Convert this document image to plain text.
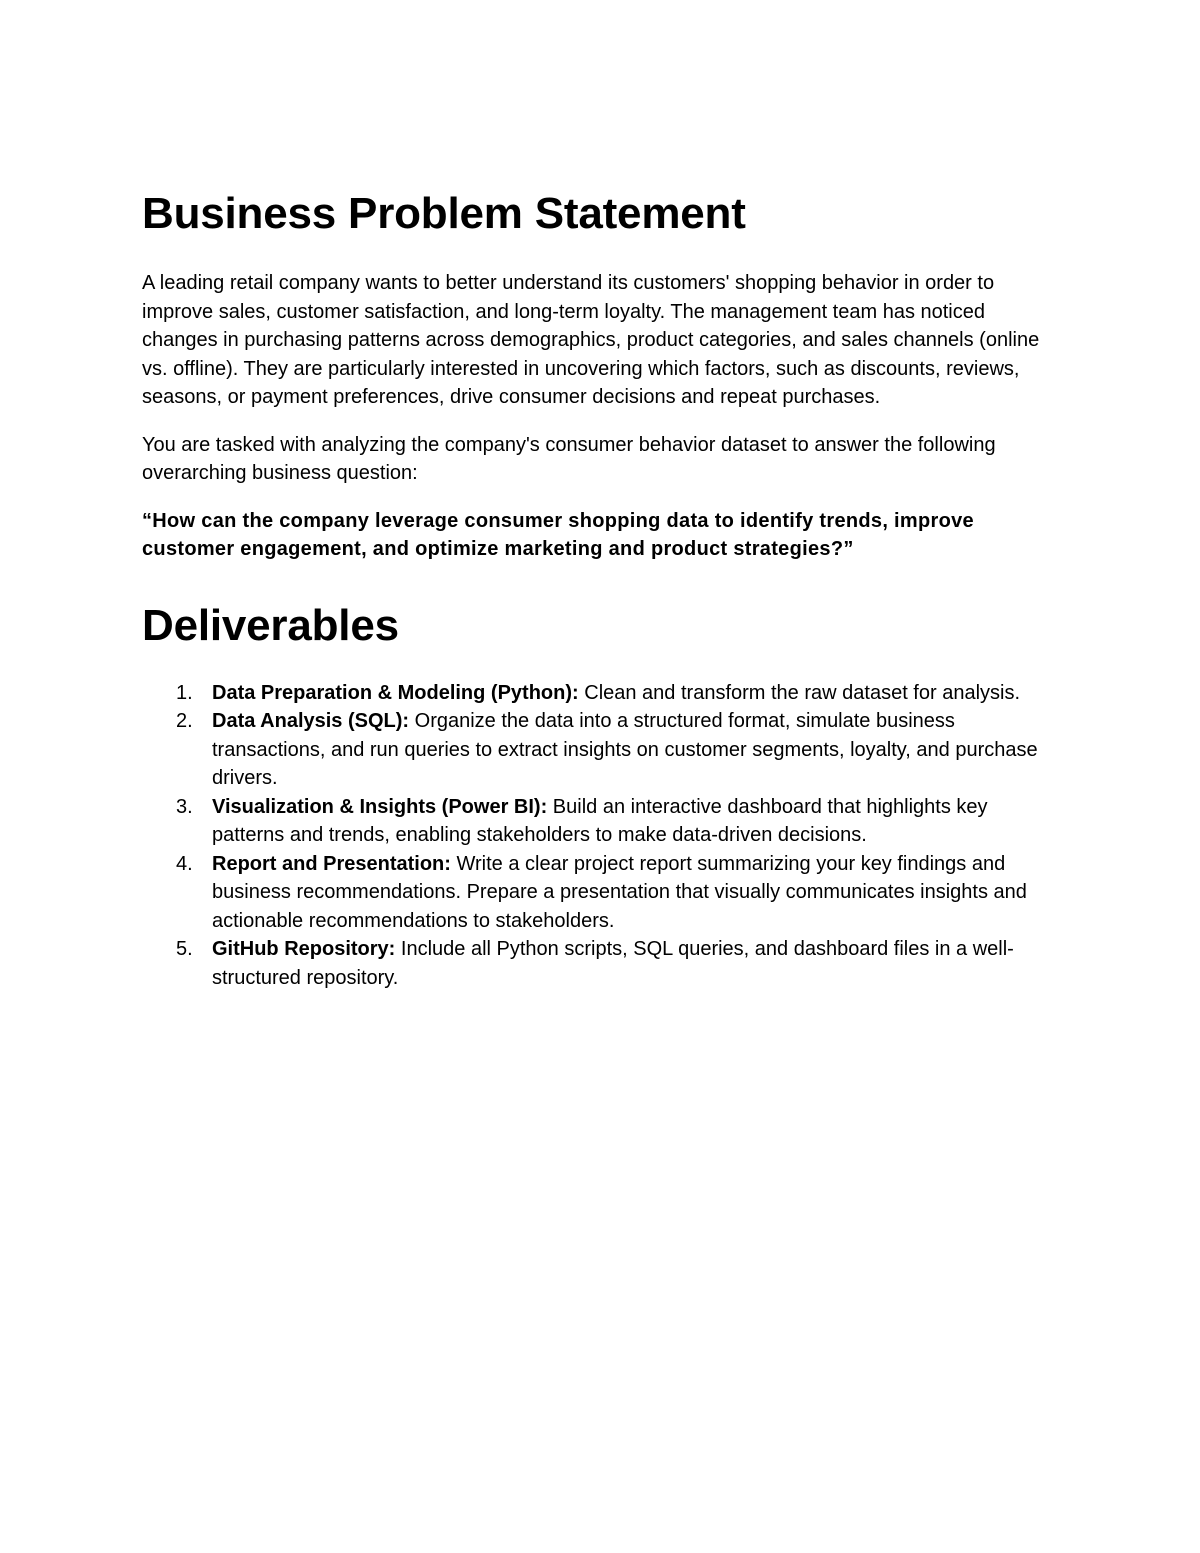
Business Problem Statement

A leading retail company wants to better understand its customers' shopping behavior in order to improve sales, customer satisfaction, and long-term loyalty. The management team has noticed changes in purchasing patterns across demographics, product categories, and sales channels (online vs. offline). They are particularly interested in uncovering which factors, such as discounts, reviews, seasons, or payment preferences, drive consumer decisions and repeat purchases.

You are tasked with analyzing the company's consumer behavior dataset to answer the following overarching business question:

“How can the company leverage consumer shopping data to identify trends, improve customer engagement, and optimize marketing and product strategies?”

Deliverables
1. Data Preparation & Modeling (Python): Clean and transform the raw dataset for analysis.
2. Data Analysis (SQL): Organize the data into a structured format, simulate business transactions, and run queries to extract insights on customer segments, loyalty, and purchase drivers.
3. Visualization & Insights (Power BI): Build an interactive dashboard that highlights key patterns and trends, enabling stakeholders to make data-driven decisions.
4. Report and Presentation: Write a clear project report summarizing your key findings and business recommendations. Prepare a presentation that visually communicates insights and actionable recommendations to stakeholders.
5. GitHub Repository: Include all Python scripts, SQL queries, and dashboard files in a well-structured repository.
